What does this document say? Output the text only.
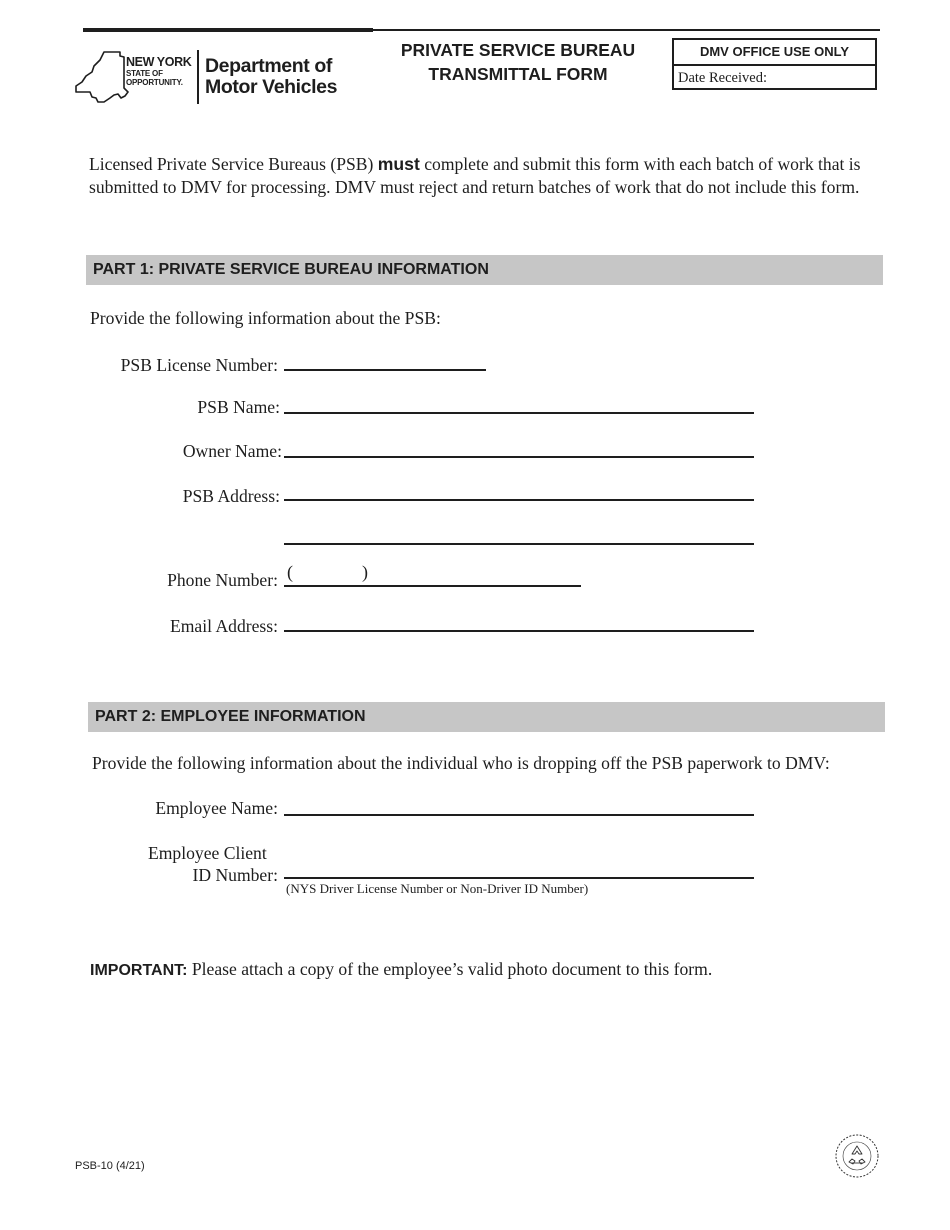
NEW YORK
STATE OF
OPPORTUNITY.
Department of
Motor Vehicles
PRIVATE SERVICE BUREAU
TRANSMITTAL FORM
DMV OFFICE USE ONLY
Date Received:
Licensed Private Service Bureaus (PSB) must complete and submit this form with each batch of work that is submitted to DMV for processing. DMV must reject and return batches of work that do not include this form.
PART 1: PRIVATE SERVICE BUREAU INFORMATION
Provide the following information about the PSB:
PSB License Number:
PSB Name:
Owner Name:
PSB Address:
Phone Number: (	)
Email Address:
PART 2: EMPLOYEE INFORMATION
Provide the following information about the individual who is dropping off the PSB paperwork to DMV:
Employee Name:
Employee Client
ID Number:
(NYS Driver License Number or Non-Driver ID Number)
IMPORTANT: Please attach a copy of the employee’s valid photo document to this form.
PSB-10 (4/21)
